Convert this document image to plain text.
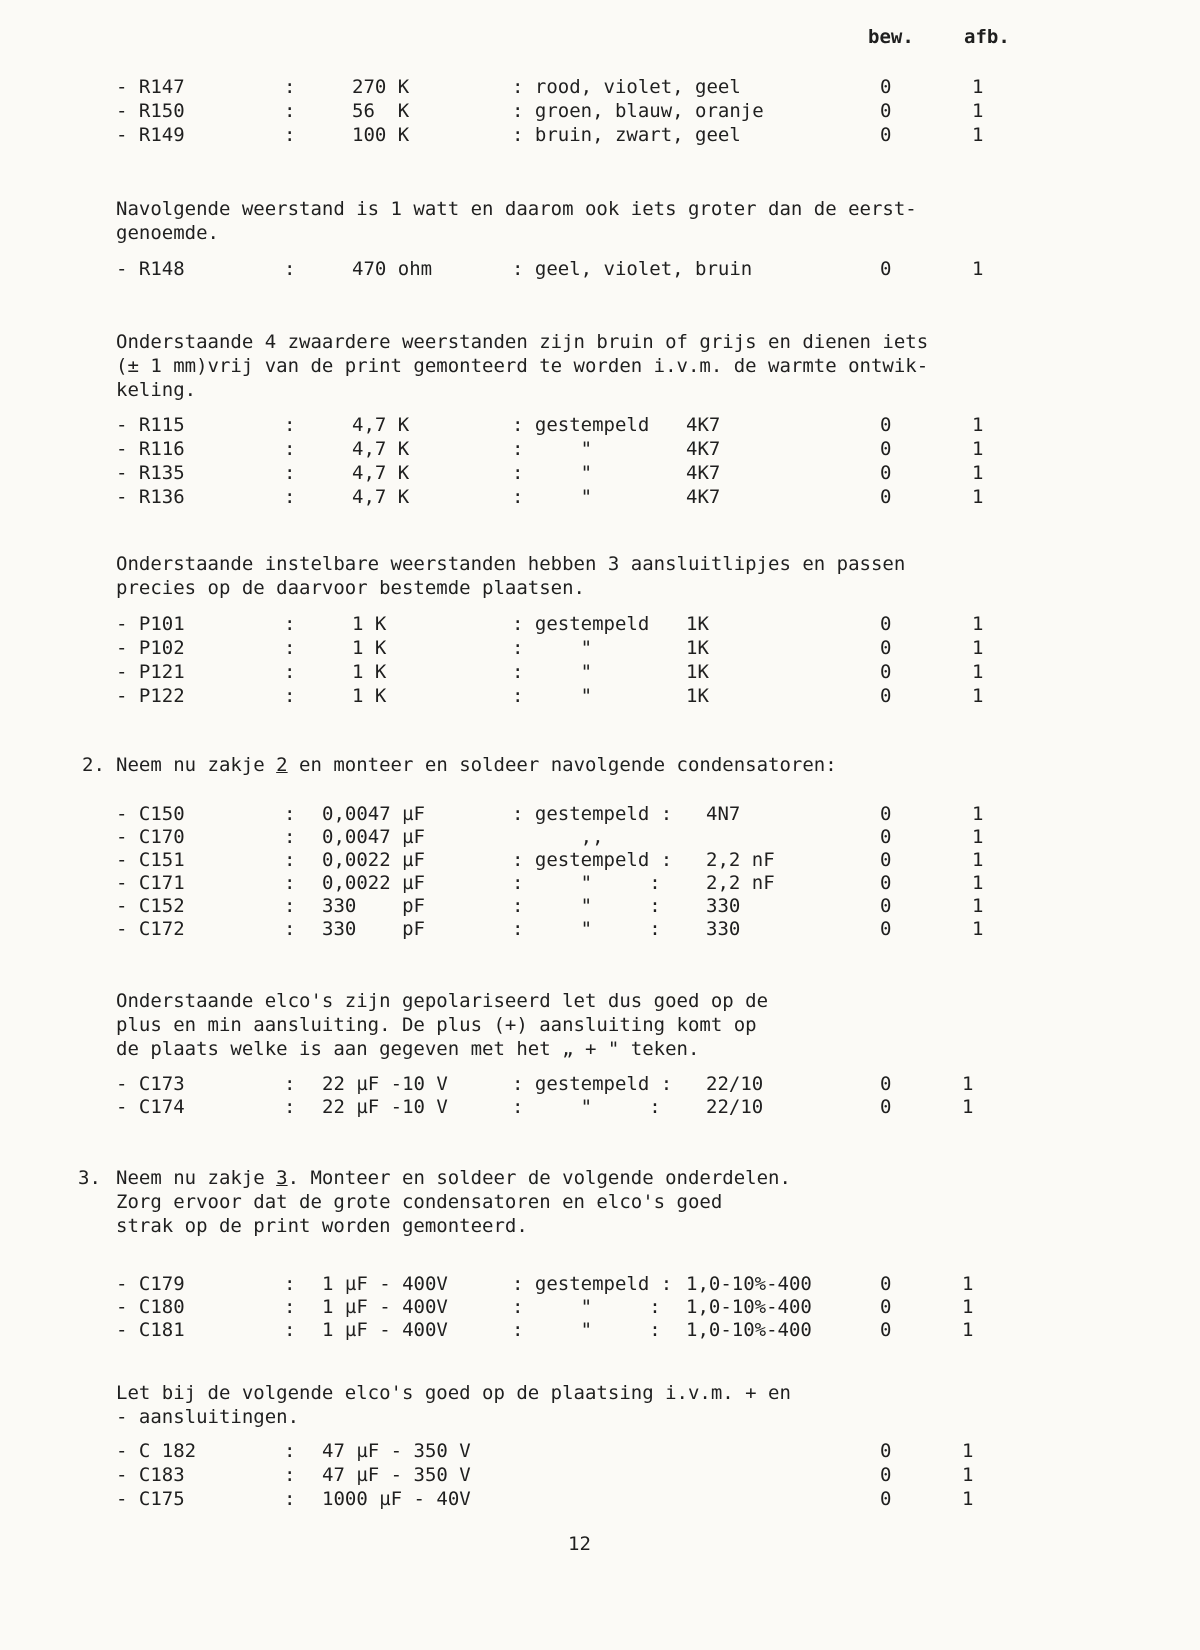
bew.	afb.
- R147	:	270 K	: rood, violet, geel	0	1
- R150	:	56  K	: groen, blauw, oranje	0	1
- R149	:	100 K	: bruin, zwart, geel	0	1
Navolgende weerstand is 1 watt en daarom ook iets groter dan de eerst-
genoemde.
- R148	:	470 ohm	: geel, violet, bruin	0	1
Onderstaande 4 zwaardere weerstanden zijn bruin of grijs en dienen iets
(± 1 mm)vrij van de print gemonteerd te worden i.v.m. de warmte ontwik-
keling.
- R115	:	4,7 K	: gestempeld 4K7	0	1
- R116	:	4,7 K	:     "	4K7	0	1
- R135	:	4,7 K	:     "	4K7	0	1
- R136	:	4,7 K	:     "	4K7	0	1
Onderstaande instelbare weerstanden hebben 3 aansluitlipjes en passen
precies op de daarvoor bestemde plaatsen.
- P101	:	1 K	: gestempeld 1K	0	1
- P102	:	1 K	:     "	1K	0	1
- P121	:	1 K	:     "	1K	0	1
- P122	:	1 K	:     "	1K	0	1
2. Neem nu zakje 2 en monteer en soldeer navolgende condensatoren:
- C150	: 0,0047 µF	: gestempeld : 4N7	0	1
- C170	: 0,0047 µF	,,	0	1
- C151	: 0,0022 µF	: gestempeld : 2,2 nF	0	1
- C171	: 0,0022 µF	:     "     : 2,2 nF	0	1
- C152	: 330    pF	:     "     : 330	0	1
- C172	: 330    pF	:     "     : 330	0	1
Onderstaande elco's zijn gepolariseerd let dus goed op de
plus en min aansluiting. De plus (+) aansluiting komt op
de plaats welke is aan gegeven met het „ + " teken.
- C173	: 22 µF -10 V	: gestempeld : 22/10	0	1
- C174	: 22 µF -10 V	:     "     : 22/10	0	1
3. Neem nu zakje 3. Monteer en soldeer de volgende onderdelen.
Zorg ervoor dat de grote condensatoren en elco's goed
strak op de print worden gemonteerd.
- C179	: 1 µF - 400V	: gestempeld : 1,0-10%-400	0	1
- C180	: 1 µF - 400V	:     "     : 1,0-10%-400	0	1
- C181	: 1 µF - 400V	:     "     : 1,0-10%-400	0	1
Let bij de volgende elco's goed op de plaatsing i.v.m. + en
- aansluitingen.
- C 182	: 47 µF - 350 V	0	1
- C183	: 47 µF - 350 V	0	1
- C175	: 1000 µF - 40V	0	1
12
